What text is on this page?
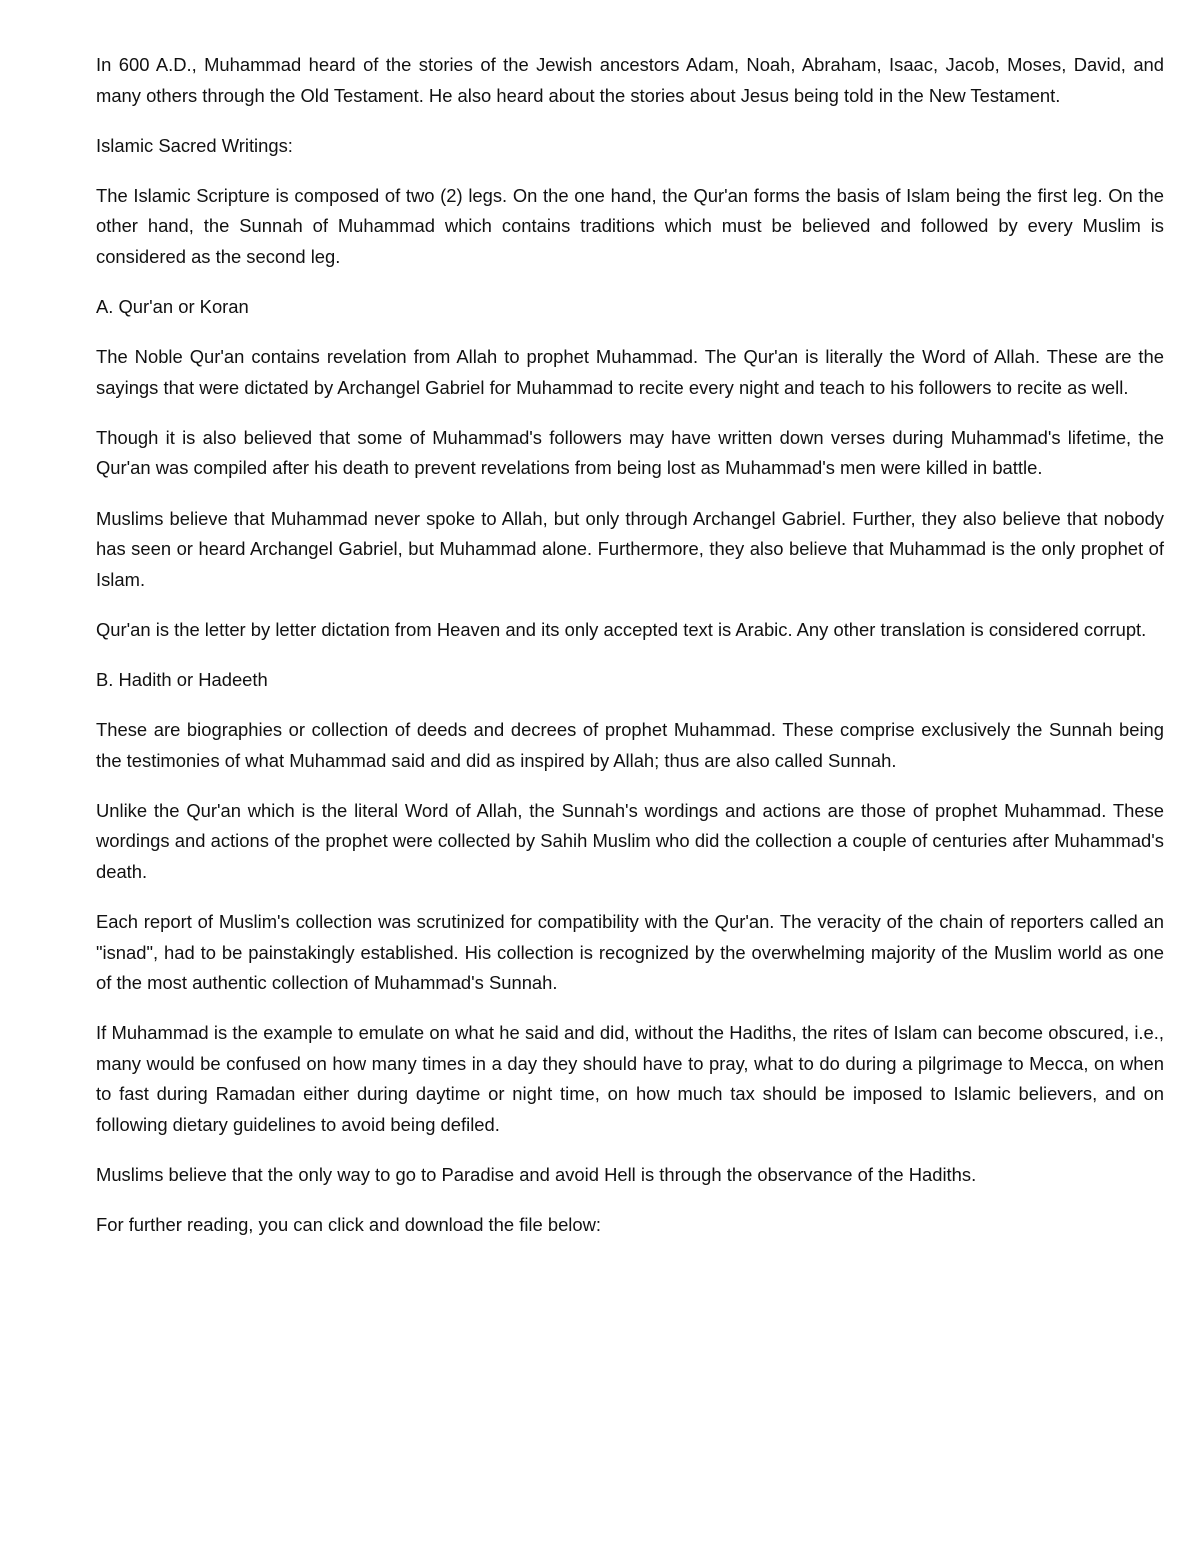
In 600 A.D., Muhammad heard of the stories of the Jewish ancestors Adam, Noah, Abraham, Isaac, Jacob, Moses, David, and many others through the Old Testament. He also heard about the stories about Jesus being told in the New Testament.

Islamic Sacred Writings:

The Islamic Scripture is composed of two (2) legs. On the one hand, the Qur'an forms the basis of Islam being the first leg. On the other hand, the Sunnah of Muhammad which contains traditions which must be believed and followed by every Muslim is considered as the second leg.

A. Qur'an or Koran

The Noble Qur'an contains revelation from Allah to prophet Muhammad. The Qur'an is literally the Word of Allah. These are the sayings that were dictated by Archangel Gabriel for Muhammad to recite every night and teach to his followers to recite as well.

Though it is also believed that some of Muhammad's followers may have written down verses during Muhammad's lifetime, the Qur'an was compiled after his death to prevent revelations from being lost as Muhammad's men were killed in battle.

Muslims believe that Muhammad never spoke to Allah, but only through Archangel Gabriel. Further, they also believe that nobody has seen or heard Archangel Gabriel, but Muhammad alone. Furthermore, they also believe that Muhammad is the only prophet of Islam.

Qur'an is the letter by letter dictation from Heaven and its only accepted text is Arabic. Any other translation is considered corrupt.

B. Hadith or Hadeeth

These are biographies or collection of deeds and decrees of prophet Muhammad. These comprise exclusively the Sunnah being the testimonies of what Muhammad said and did as inspired by Allah; thus are also called Sunnah.

Unlike the Qur'an which is the literal Word of Allah, the Sunnah's wordings and actions are those of prophet Muhammad. These wordings and actions of the prophet were collected by Sahih Muslim who did the collection a couple of centuries after Muhammad's death.

Each report of Muslim's collection was scrutinized for compatibility with the Qur'an. The veracity of the chain of reporters called an "isnad", had to be painstakingly established. His collection is recognized by the overwhelming majority of the Muslim world as one of the most authentic collection of Muhammad's Sunnah.

If Muhammad is the example to emulate on what he said and did, without the Hadiths, the rites of Islam can become obscured, i.e., many would be confused on how many times in a day they should have to pray, what to do during a pilgrimage to Mecca, on when to fast during Ramadan either during daytime or night time, on how much tax should be imposed to Islamic believers, and on following dietary guidelines to avoid being defiled.

Muslims believe that the only way to go to Paradise and avoid Hell is through the observance of the Hadiths.

For further reading, you can click and download the file below:
